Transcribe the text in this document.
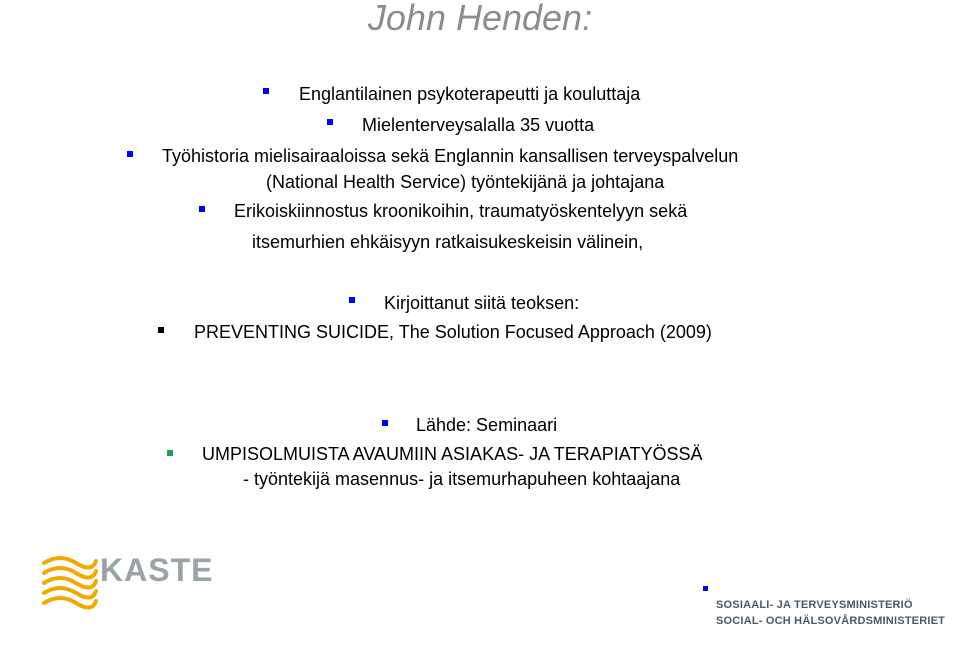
John Henden:
Englantilainen psykoterapeutti ja kouluttaja
Mielenterveysalalla 35 vuotta
Työhistoria mielisairaaloissa sekä Englannin kansallisen terveyspalvelun
(National Health Service) työntekijänä ja johtajana
Erikoiskiinnostus kroonikoihin, traumatyöskentelyyn sekä
itsemurhien ehkäisyyn ratkaisukeskeisin välinein,
Kirjoittanut siitä teoksen:
PREVENTING SUICIDE, The Solution Focused Approach (2009)
Lähde: Seminaari
UMPISOLMUISTA AVAUMIIN ASIAKAS- JA TERAPIATYÖSSÄ
- työntekijä masennus- ja itsemurhapuheen kohtaajana
KASTE
SOSIAALI- JA TERVEYSMINISTERIÖ
SOCIAL- OCH HÄLSOVÅRDSMINISTERIET
